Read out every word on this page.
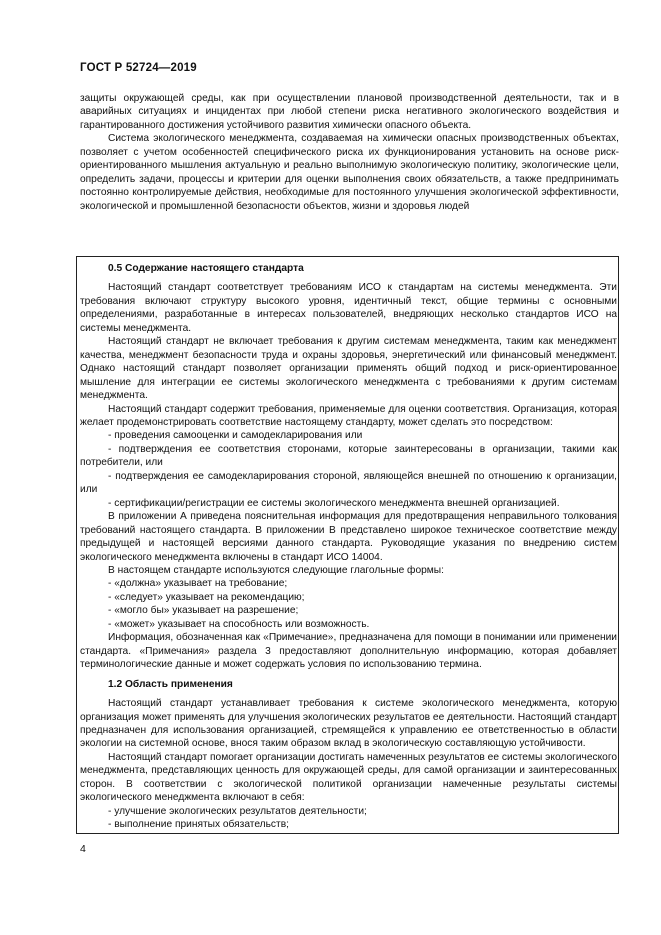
ГОСТ Р 52724—2019

защиты окружающей среды, как при осуществлении плановой производственной деятельности, так и в аварийных ситуациях и инцидентах при любой степени риска негативного экологического воздействия и гарантированного достижения устойчивого развития химически опасного объекта.

Система экологического менеджмента, создаваемая на химически опасных производственных объектах, позволяет с учетом особенностей специфического риска их функционирования установить на основе риск-ориентированного мышления актуальную и реально выполнимую экологическую политику, экологические цели, определить задачи, процессы и критерии для оценки выполнения своих обязательств, а также предпринимать постоянно контролируемые действия, необходимые для постоянного улучшения экологической эффективности, экологической и промышленной безопасности объектов, жизни и здоровья людей

0.5 Содержание настоящего стандарта

Настоящий стандарт соответствует требованиям ИСО к стандартам на системы менеджмента. Эти требования включают структуру высокого уровня, идентичный текст, общие термины с основными определениями, разработанные в интересах пользователей, внедряющих несколько стандартов ИСО на системы менеджмента.

Настоящий стандарт не включает требования к другим системам менеджмента, таким как менеджмент качества, менеджмент безопасности труда и охраны здоровья, энергетический или финансовый менеджмент. Однако настоящий стандарт позволяет организации применять общий подход и риск-ориентированное мышление для интеграции ее системы экологического менеджмента с требованиями к другим системам менеджмента.

Настоящий стандарт содержит требования, применяемые для оценки соответствия. Организация, которая желает продемонстрировать соответствие настоящему стандарту, может сделать это посредством:

- проведения самооценки и самодекларирования или

- подтверждения ее соответствия сторонами, которые заинтересованы в организации, такими как потребители, или

- подтверждения ее самодекларирования стороной, являющейся внешней по отношению к организации, или

- сертификации/регистрации ее системы экологического менеджмента внешней организацией.

В приложении А приведена пояснительная информация для предотвращения неправильного толкования требований настоящего стандарта. В приложении В представлено широкое техническое соответствие между предыдущей и настоящей версиями данного стандарта. Руководящие указания по внедрению систем экологического менеджмента включены в стандарт ИСО 14004.

В настоящем стандарте используются следующие глагольные формы:

- «должна» указывает на требование;

- «следует» указывает на рекомендацию;

- «могло бы» указывает на разрешение;

- «может» указывает на способность или возможность.

Информация, обозначенная как «Примечание», предназначена для помощи в понимании или применении стандарта. «Примечания» раздела 3 предоставляют дополнительную информацию, которая добавляет терминологические данные и может содержать условия по использованию термина.

1.2 Область применения

Настоящий стандарт устанавливает требования к системе экологического менеджмента, которую организация может применять для улучшения экологических результатов ее деятельности. Настоящий стандарт предназначен для использования организацией, стремящейся к управлению ее ответственностью в области экологии на системной основе, внося таким образом вклад в экологическую составляющую устойчивости.

Настоящий стандарт помогает организации достигать намеченных результатов ее системы экологического менеджмента, представляющих ценность для окружающей среды, для самой организации и заинтересованных сторон. В соответствии с экологической политикой организации намеченные результаты системы экологического менеджмента включают в себя:

- улучшение экологических результатов деятельности;

- выполнение принятых обязательств;

4
